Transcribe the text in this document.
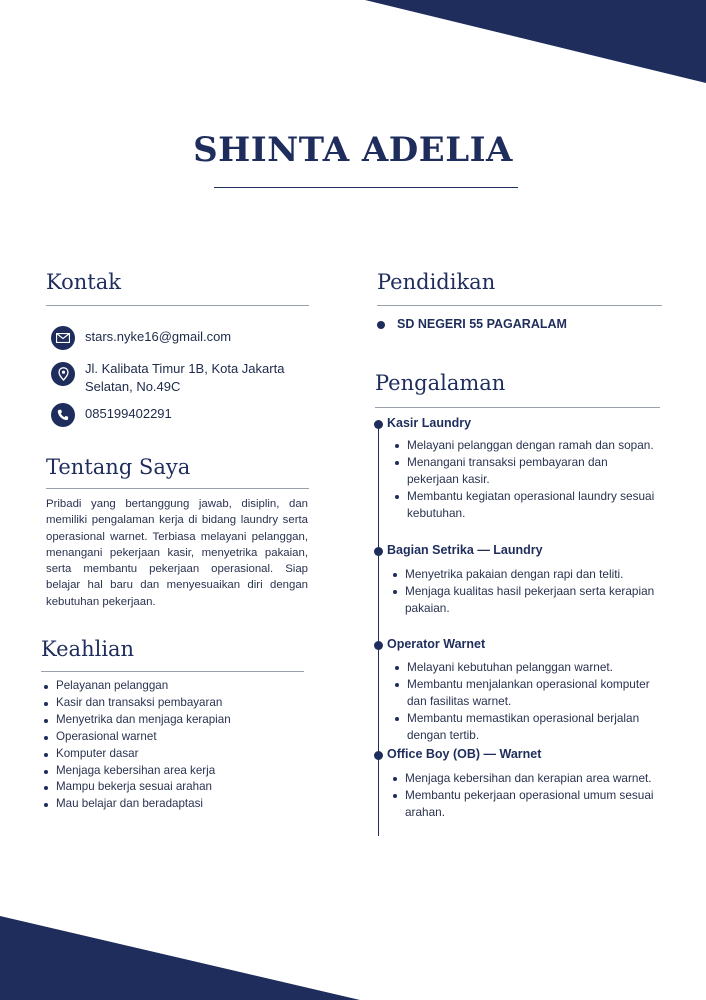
SHINTA ADELIA
Kontak
stars.nyke16@gmail.com
Jl. Kalibata Timur 1B, Kota Jakarta
Selatan, No.49C
085199402291
Tentang Saya
Pribadi yang bertanggung jawab, disiplin, dan memiliki pengalaman kerja di bidang laundry serta operasional warnet. Terbiasa melayani pelanggan, menangani pekerjaan kasir, menyetrika pakaian, serta membantu pekerjaan operasional. Siap belajar hal baru dan menyesuaikan diri dengan kebutuhan pekerjaan.
Keahlian
Pelayanan pelanggan
Kasir dan transaksi pembayaran
Menyetrika dan menjaga kerapian
Operasional warnet
Komputer dasar
Menjaga kebersihan area kerja
Mampu bekerja sesuai arahan
Mau belajar dan beradaptasi
Pendidikan
SD NEGERI 55 PAGARALAM
Pengalaman
Kasir Laundry
Melayani pelanggan dengan ramah dan sopan.
Menangani transaksi pembayaran dan pekerjaan kasir.
Membantu kegiatan operasional laundry sesuai kebutuhan.
Bagian Setrika — Laundry
Menyetrika pakaian dengan rapi dan teliti.
Menjaga kualitas hasil pekerjaan serta kerapian pakaian.
Operator Warnet
Melayani kebutuhan pelanggan warnet.
Membantu menjalankan operasional komputer dan fasilitas warnet.
Membantu memastikan operasional berjalan dengan tertib.
Office Boy (OB) — Warnet
Menjaga kebersihan dan kerapian area warnet.
Membantu pekerjaan operasional umum sesuai arahan.
